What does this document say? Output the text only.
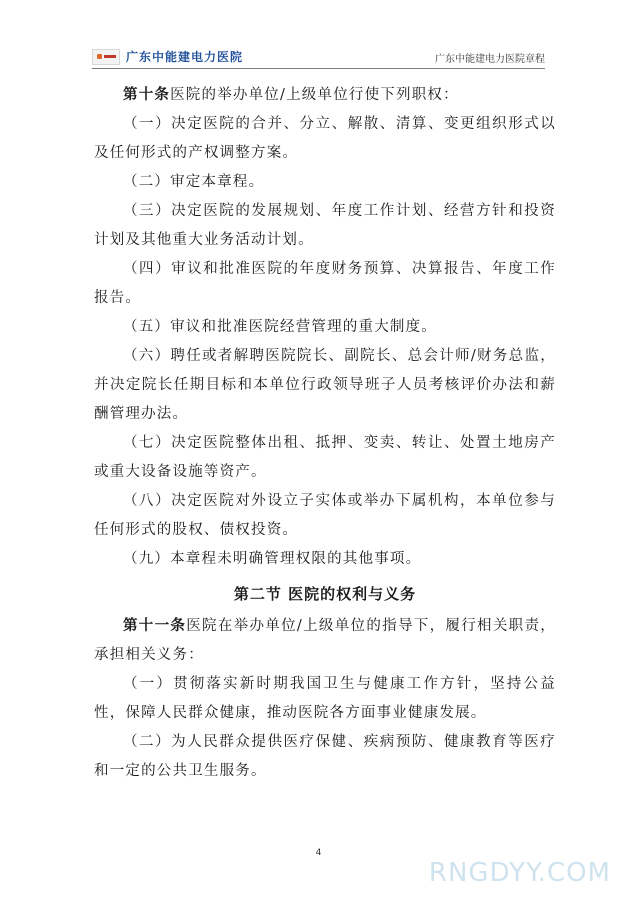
广东中能建电力医院	广东中能建电力医院章程

第十条医院的举办单位/上级单位行使下列职权：

（一）决定医院的合并、分立、解散、清算、变更组织形式以及任何形式的产权调整方案。

（二）审定本章程。

（三）决定医院的发展规划、年度工作计划、经营方针和投资计划及其他重大业务活动计划。

（四）审议和批准医院的年度财务预算、决算报告、年度工作报告。

（五）审议和批准医院经营管理的重大制度。

（六）聘任或者解聘医院院长、副院长、总会计师/财务总监，并决定院长任期目标和本单位行政领导班子人员考核评价办法和薪酬管理办法。

（七）决定医院整体出租、抵押、变卖、转让、处置土地房产或重大设备设施等资产。

（八）决定医院对外设立子实体或举办下属机构，本单位参与任何形式的股权、债权投资。

（九）本章程未明确管理权限的其他事项。

第二节 医院的权利与义务

第十一条医院在举办单位/上级单位的指导下，履行相关职责，承担相关义务：

（一）贯彻落实新时期我国卫生与健康工作方针，坚持公益性，保障人民群众健康，推动医院各方面事业健康发展。

（二）为人民群众提供医疗保健、疾病预防、健康教育等医疗和一定的公共卫生服务。

4
RNGDYY.COM
